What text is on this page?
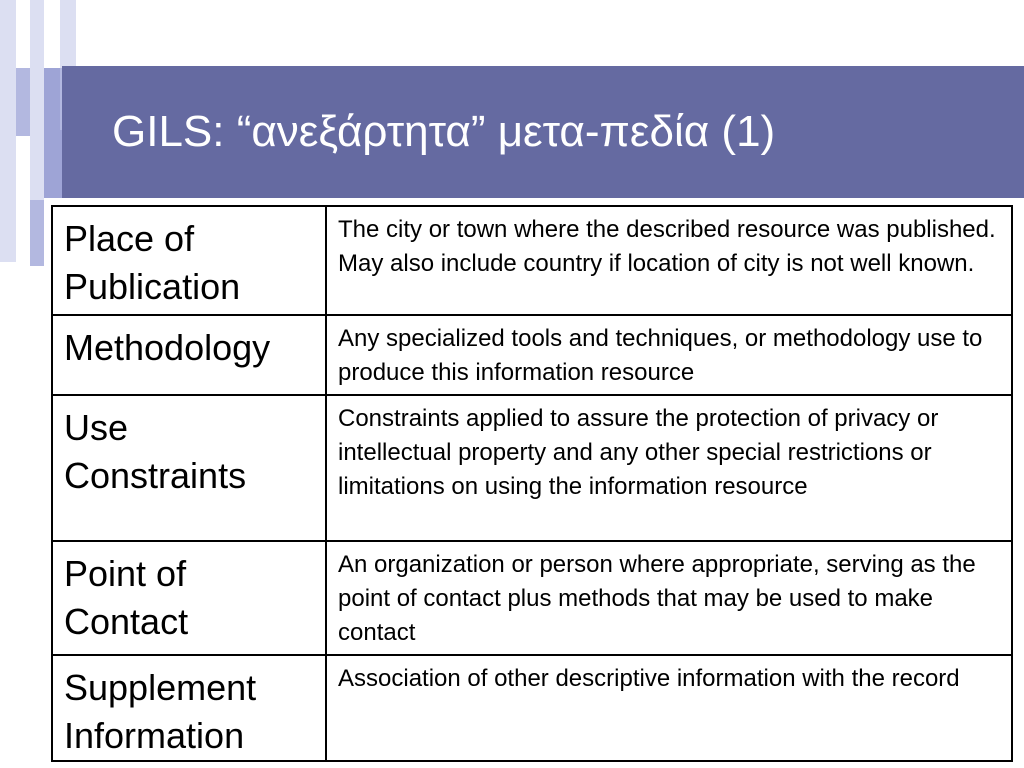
GILS: “ανεξάρτητα” μετα-πεδία (1)
Place of Publication	The city or town where the described resource was published. May also include country if location of city is not well known.
Methodology	Any specialized tools and techniques, or methodology use to produce this information resource
Use Constraints	Constraints applied to assure the protection of privacy or intellectual property and any other special restrictions or limitations on using the information resource
Point of Contact	An organization or person where appropriate, serving as the point of contact plus methods that may be used to make contact
Supplement Information	Association of other descriptive information with the record
